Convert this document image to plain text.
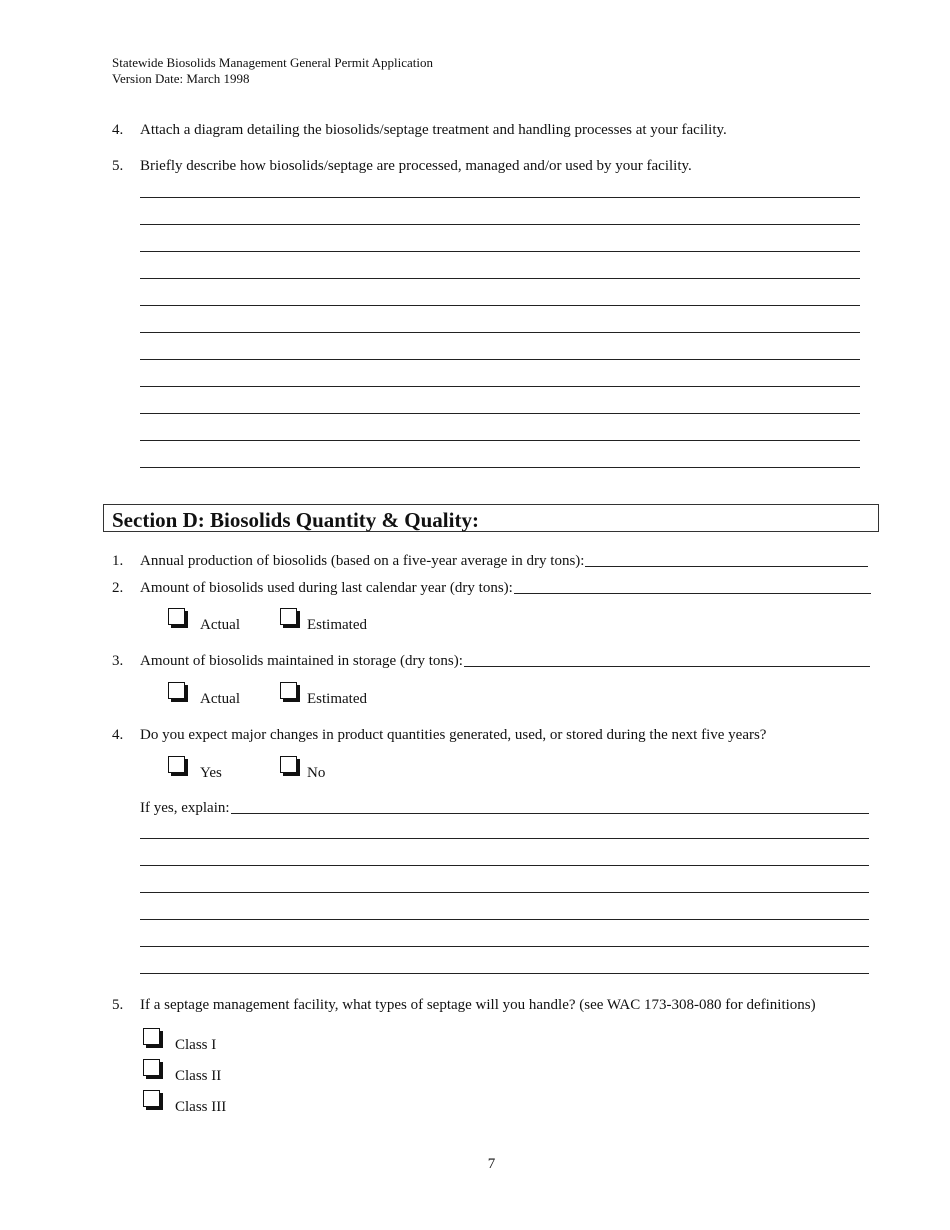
Statewide Biosolids Management General Permit Application
Version Date: March 1998
4. Attach a diagram detailing the biosolids/septage treatment and handling processes at your facility.
5. Briefly describe how biosolids/septage are processed, managed and/or used by your facility.
Section D: Biosolids Quantity & Quality:
1. Annual production of biosolids (based on a five-year average in dry tons):
2. Amount of biosolids used during last calendar year (dry tons):
Actual	Estimated
3. Amount of biosolids maintained in storage (dry tons):
Actual	Estimated
4. Do you expect major changes in product quantities generated, used, or stored during the next five years?
Yes	No
If yes, explain:
5. If a septage management facility, what types of septage will you handle? (see WAC 173-308-080 for definitions)
Class I
Class II
Class III
7
